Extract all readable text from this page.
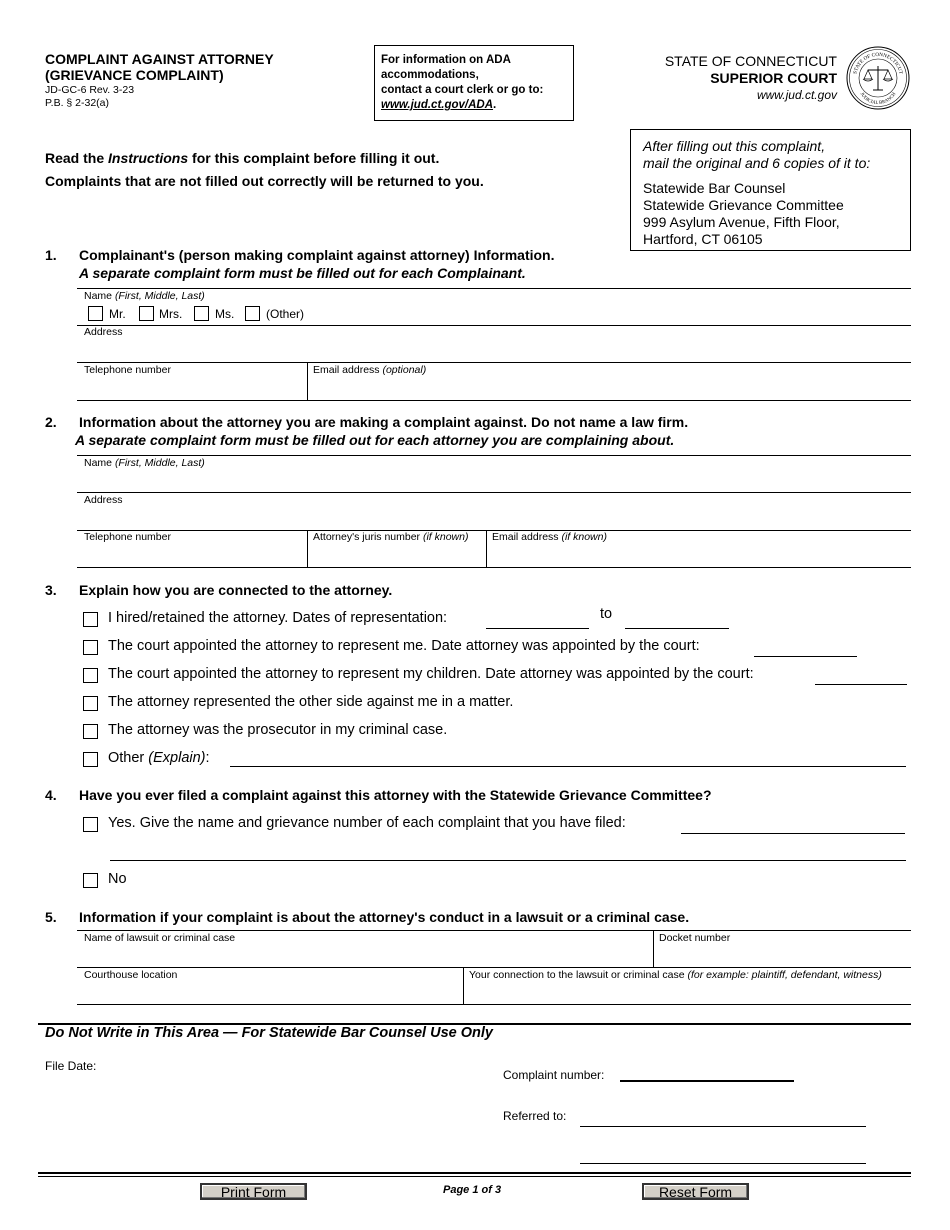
COMPLAINT AGAINST ATTORNEY
(GRIEVANCE COMPLAINT)
JD-GC-6 Rev. 3-23
P.B. § 2-32(a)
For information on ADA
accommodations,
contact a court clerk or go to:
www.jud.ct.gov/ADA.
STATE OF CONNECTICUT
SUPERIOR COURT
www.jud.ct.gov
STATE OF CONNECTICUT
JUDICIAL BRANCH
After filling out this complaint,
mail the original and 6 copies of it to:
Statewide Bar Counsel
Statewide Grievance Committee
999 Asylum Avenue, Fifth Floor,
Hartford, CT 06105
Read the Instructions for this complaint before filling it out.
Complaints that are not filled out correctly will be returned to you.
1. Complainant's (person making complaint against attorney) Information.
A separate complaint form must be filled out for each Complainant.
Name (First, Middle, Last)
Mr.	Mrs.	Ms.	(Other)
Address
Telephone number	Email address (optional)
2. Information about the attorney you are making a complaint against. Do not name a law firm.
A separate complaint form must be filled out for each attorney you are complaining about.
Name (First, Middle, Last)
Address
Telephone number	Attorney's juris number (if known) Email address (if known)
3. Explain how you are connected to the attorney.
I hired/retained the attorney. Dates of representation:	to
The court appointed the attorney to represent me. Date attorney was appointed by the court:
The court appointed the attorney to represent my children. Date attorney was appointed by the court:
The attorney represented the other side against me in a matter.
The attorney was the prosecutor in my criminal case.
Other (Explain):
4. Have you ever filed a complaint against this attorney with the Statewide Grievance Committee?
Yes. Give the name and grievance number of each complaint that you have filed:
No
5. Information if your complaint is about the attorney's conduct in a lawsuit or a criminal case.
Name of lawsuit or criminal case	Docket number
Courthouse location	Your connection to the lawsuit or criminal case (for example: plaintiff, defendant, witness)
Do Not Write in This Area — For Statewide Bar Counsel Use Only
File Date:
Complaint number:
Referred to:
Print Form	Page 1 of 3	Reset Form
